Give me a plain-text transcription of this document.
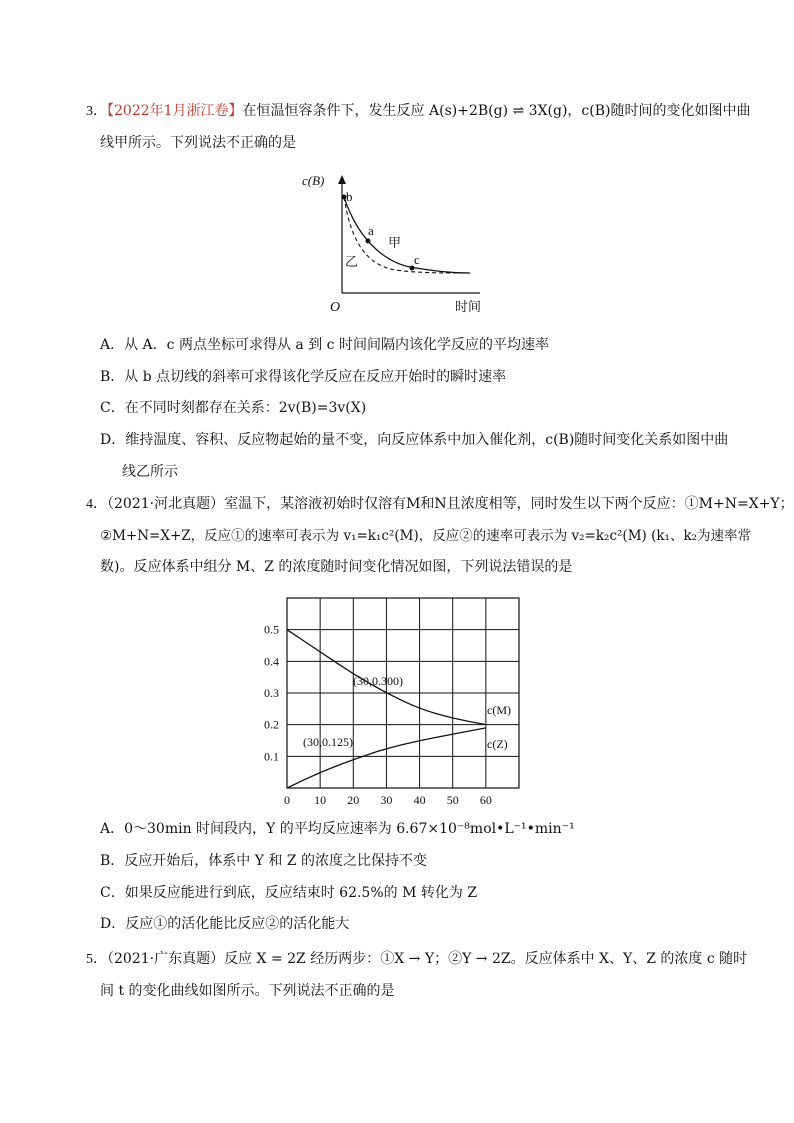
3．【2022年1月浙江卷】在恒温恒容条件下，发生反应 A(s)+2B(g) ⇌ 3X(g)，c(B)随时间的变化如图中曲
线甲所示。下列说法不正确的是
c(B)
b
a
c
甲
乙
O	时间
A．从 A．c 两点坐标可求得从 a 到 c 时间间隔内该化学反应的平均速率
B．从 b 点切线的斜率可求得该化学反应在反应开始时的瞬时速率
C．在不同时刻都存在关系：2v(B)=3v(X)
D．维持温度、容积、反应物起始的量不变，向反应体系中加入催化剂，c(B)随时间变化关系如图中曲
线乙所示
4．（2021·河北真题）室温下，某溶液初始时仅溶有M和N且浓度相等，同时发生以下两个反应：①M+N=X+Y；
②M+N=X+Z，反应①的速率可表示为 v₁=k₁c²(M)，反应②的速率可表示为 v₂=k₂c²(M) (k₁、k₂为速率常
数)。反应体系中组分 M、Z 的浓度随时间变化情况如图，下列说法错误的是
0 10 20 30 40 50 60
0.1
0.2
0.3
0.4
0.5
(30,0.300)
(30,0.125)
c(M)
c(Z)
A．0～30min 时间段内，Y 的平均反应速率为 6.67×10⁻⁸mol•L⁻¹•min⁻¹
B．反应开始后，体系中 Y 和 Z 的浓度之比保持不变
C．如果反应能进行到底，反应结束时 62.5%的 M 转化为 Z
D．反应①的活化能比反应②的活化能大
5．（2021·广东真题）反应 X = 2Z 经历两步：①X → Y；②Y → 2Z。反应体系中 X、Y、Z 的浓度 c 随时
间 t 的变化曲线如图所示。下列说法不正确的是
